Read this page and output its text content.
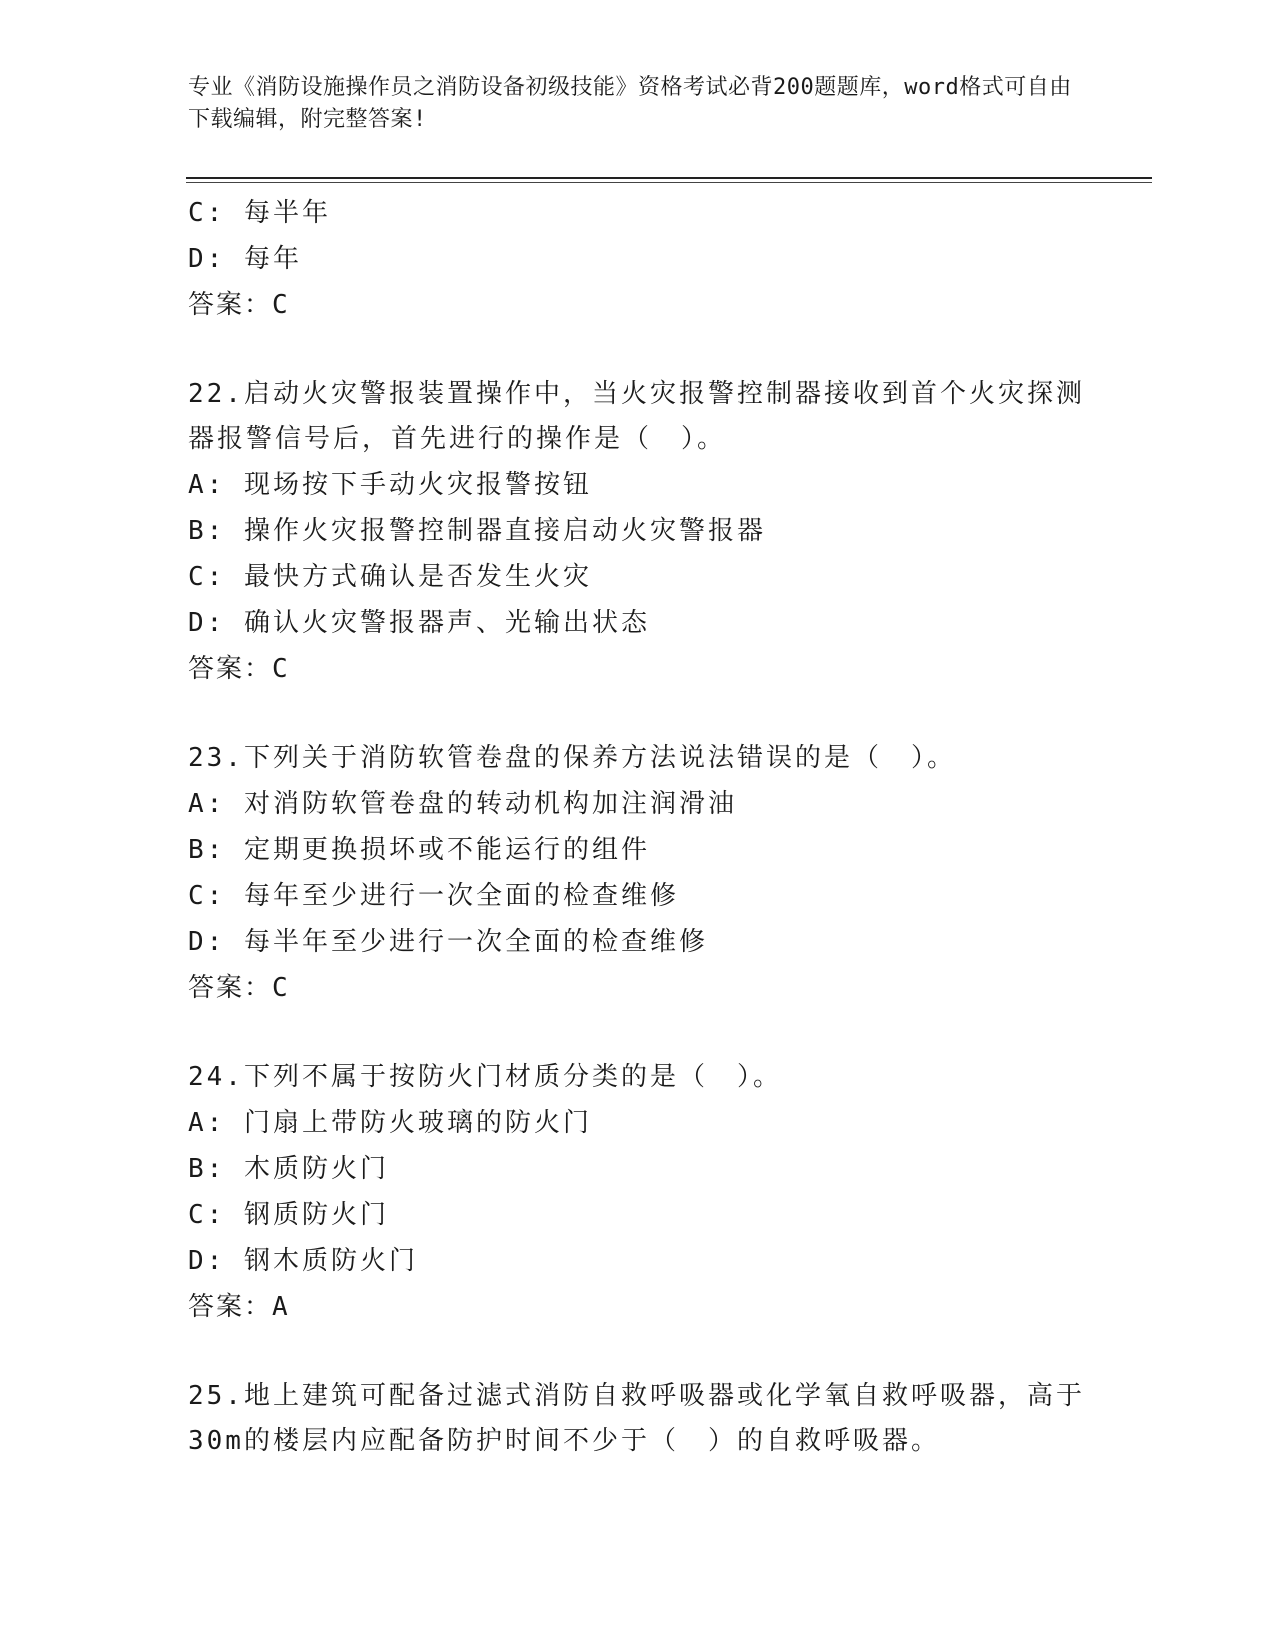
专业《消防设施操作员之消防设备初级技能》资格考试必背200题题库，word格式可自由下载编辑，附完整答案!
C: 每半年
D: 每年
答案：C
22.启动火灾警报装置操作中，当火灾报警控制器接收到首个火灾探测器报警信号后，首先进行的操作是（　）。
A: 现场按下手动火灾报警按钮
B: 操作火灾报警控制器直接启动火灾警报器
C: 最快方式确认是否发生火灾
D: 确认火灾警报器声、光输出状态
答案：C
23.下列关于消防软管卷盘的保养方法说法错误的是（　）。
A: 对消防软管卷盘的转动机构加注润滑油
B: 定期更换损坏或不能运行的组件
C: 每年至少进行一次全面的检查维修
D: 每半年至少进行一次全面的检查维修
答案：C
24.下列不属于按防火门材质分类的是（　）。
A: 门扇上带防火玻璃的防火门
B: 木质防火门
C: 钢质防火门
D: 钢木质防火门
答案：A
25.地上建筑可配备过滤式消防自救呼吸器或化学氧自救呼吸器，高于30m的楼层内应配备防护时间不少于（　）的自救呼吸器。
